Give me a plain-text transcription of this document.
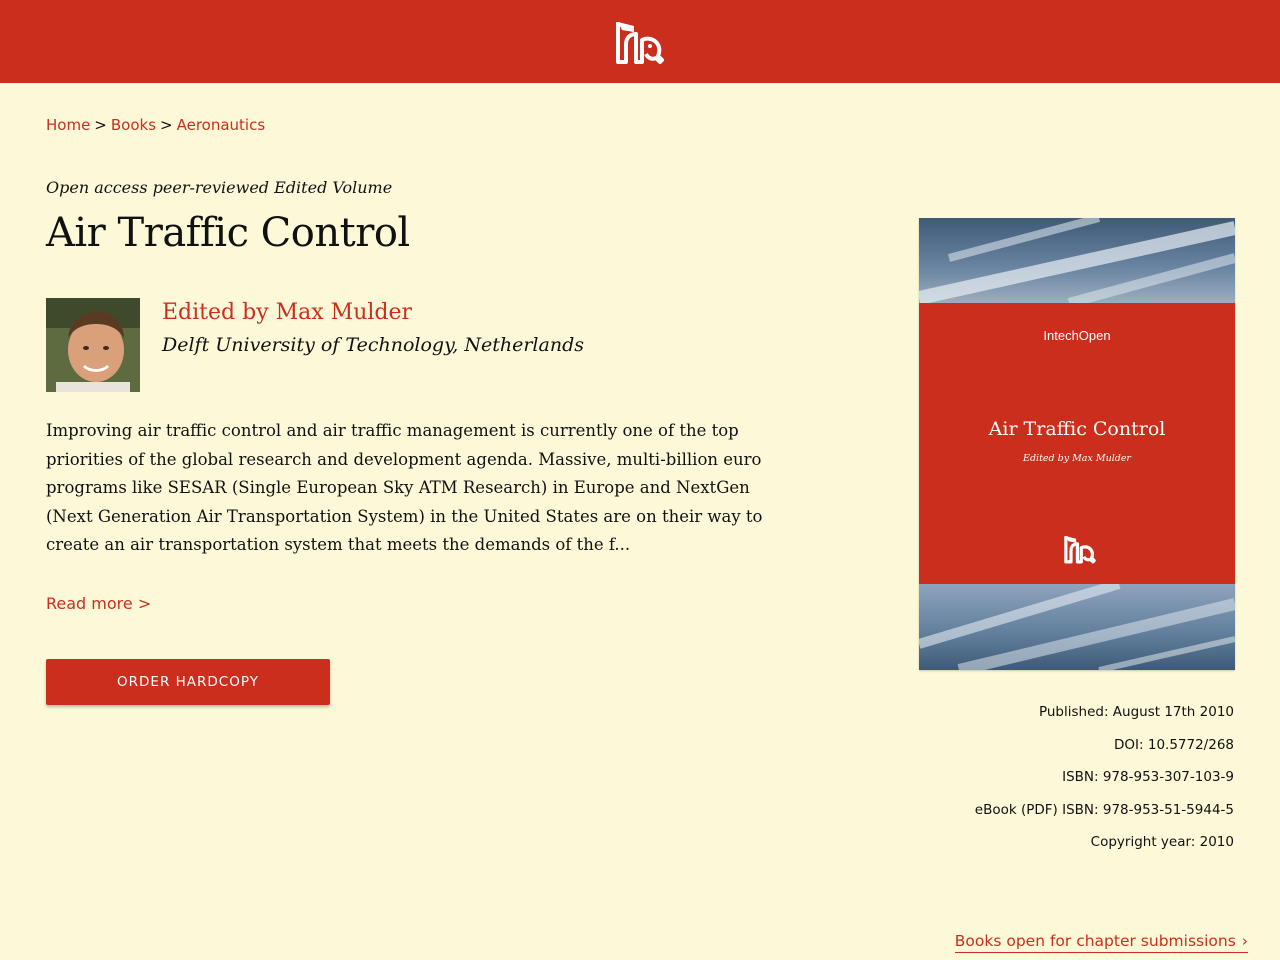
Home > Books > Aeronautics
Open access peer-reviewed Edited Volume
Air Traffic Control
Edited by Max Mulder
Delft University of Technology, Netherlands

Improving air traffic control and air traffic management is currently one of the top priorities of the global research and development agenda. Massive, multi-billion euro programs like SESAR (Single European Sky ATM Research) in Europe and NextGen (Next Generation Air Transportation System) in the United States are on their way to create an air transportation system that meets the demands of the f...

Read more >
ORDER HARDCOPY
IntechOpen
Air Traffic Control
Edited by Max Mulder
Published: August 17th 2010
DOI: 10.5772/268
ISBN: 978-953-307-103-9
eBook (PDF) ISBN: 978-953-51-5944-5
Copyright year: 2010
Books open for chapter submissions ›
